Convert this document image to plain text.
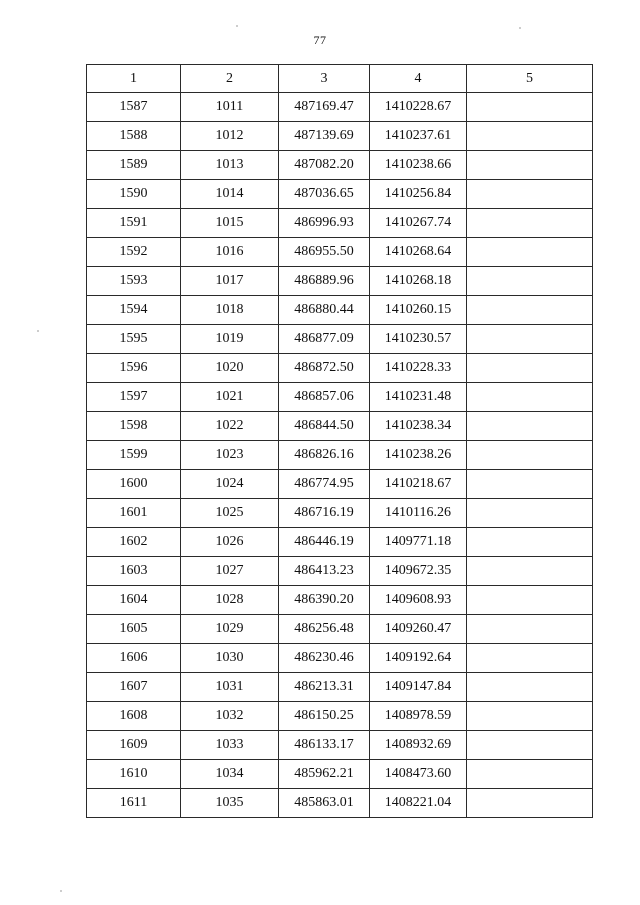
77
1	2	3	4	5
1587	1011	487169.47	1410228.67	
1588	1012	487139.69	1410237.61	
1589	1013	487082.20	1410238.66	
1590	1014	487036.65	1410256.84	
1591	1015	486996.93	1410267.74	
1592	1016	486955.50	1410268.64	
1593	1017	486889.96	1410268.18	
1594	1018	486880.44	1410260.15	
1595	1019	486877.09	1410230.57	
1596	1020	486872.50	1410228.33	
1597	1021	486857.06	1410231.48	
1598	1022	486844.50	1410238.34	
1599	1023	486826.16	1410238.26	
1600	1024	486774.95	1410218.67	
1601	1025	486716.19	1410116.26	
1602	1026	486446.19	1409771.18	
1603	1027	486413.23	1409672.35	
1604	1028	486390.20	1409608.93	
1605	1029	486256.48	1409260.47	
1606	1030	486230.46	1409192.64	
1607	1031	486213.31	1409147.84	
1608	1032	486150.25	1408978.59	
1609	1033	486133.17	1408932.69	
1610	1034	485962.21	1408473.60	
1611	1035	485863.01	1408221.04	
